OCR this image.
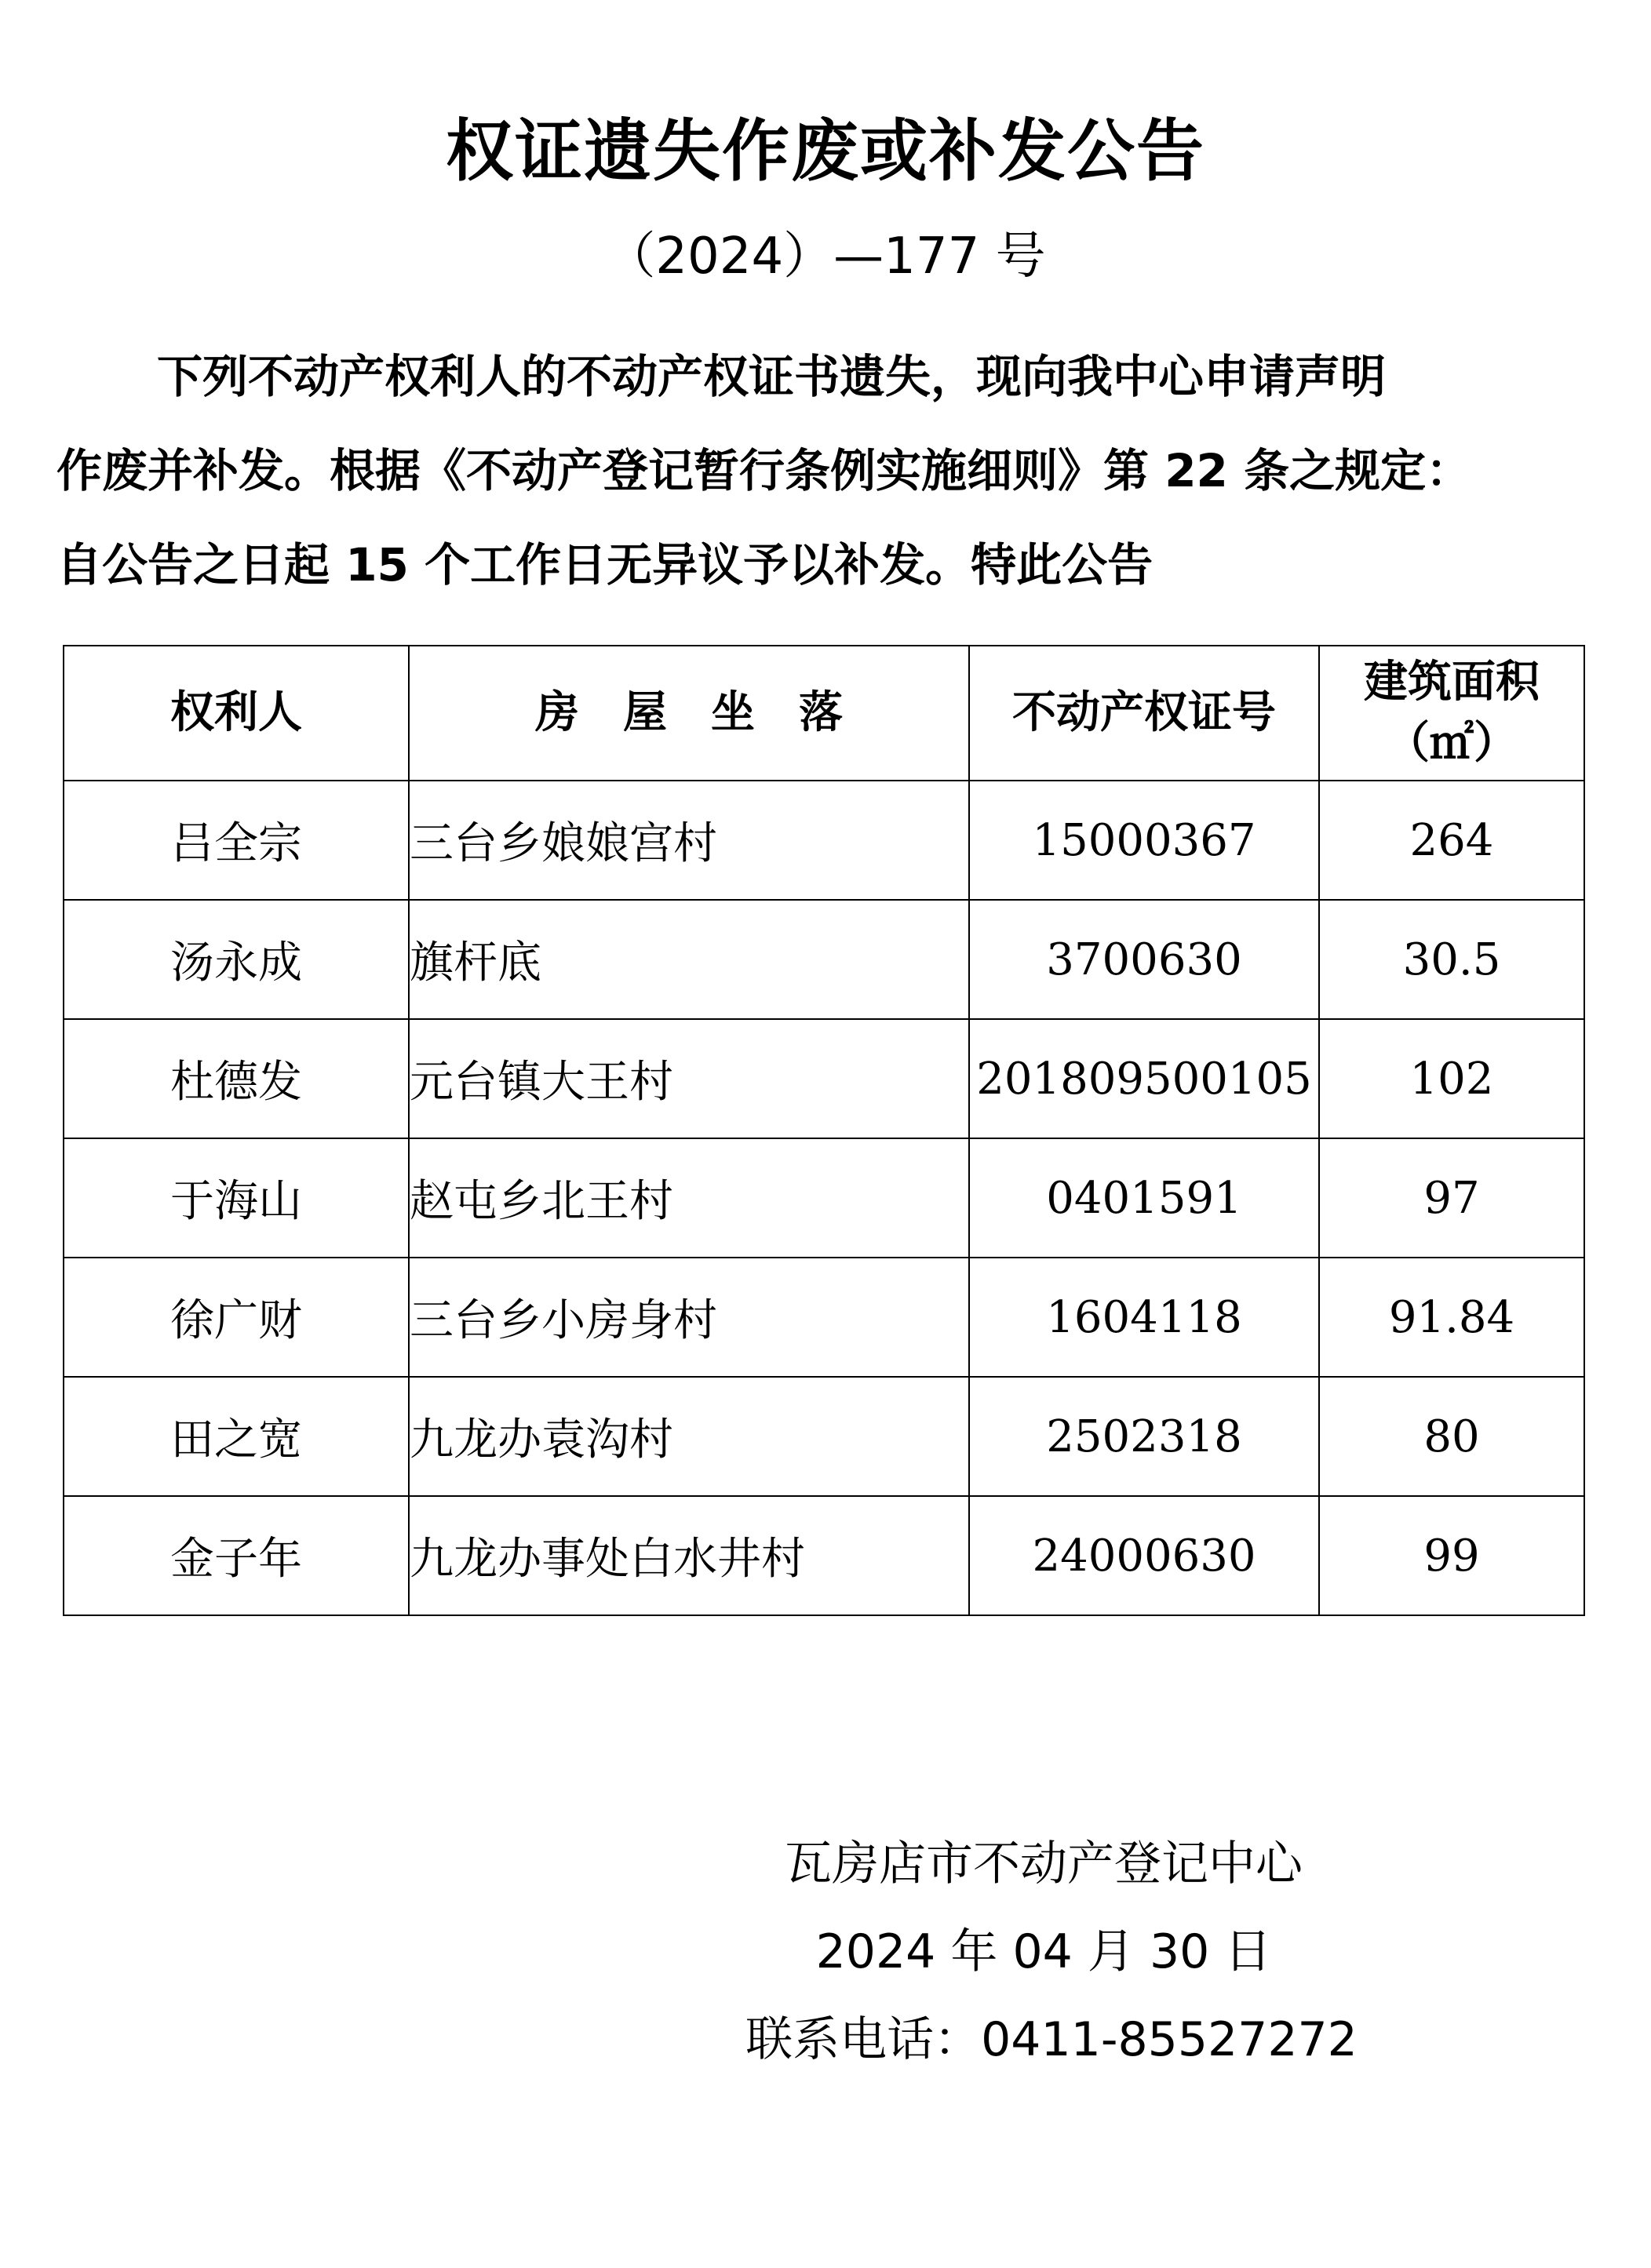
权证遗失作废或补发公告
（2024）—177 号

下列不动产权利人的不动产权证书遗失，现向我中心申请声明

作废并补发。根据《不动产登记暂行条例实施细则》第 22 条之规定：

自公告之日起 15 个工作日无异议予以补发。特此公告

权利人	房　屋　坐　落	不动产权证号	建筑面积
（㎡）

吕全宗	三台乡娘娘宫村	15000367	264
汤永成	旗杆底	3700630	30.5
杜德发	元台镇大王村	201809500105	102
于海山	赵屯乡北王村	0401591	97
徐广财	三台乡小房身村	1604118	91.84
田之宽	九龙办袁沟村	2502318	80
金子年	九龙办事处白水井村	24000630	99
瓦房店市不动产登记中心
2024 年 04 月 30 日
联系电话：0411-85527272
